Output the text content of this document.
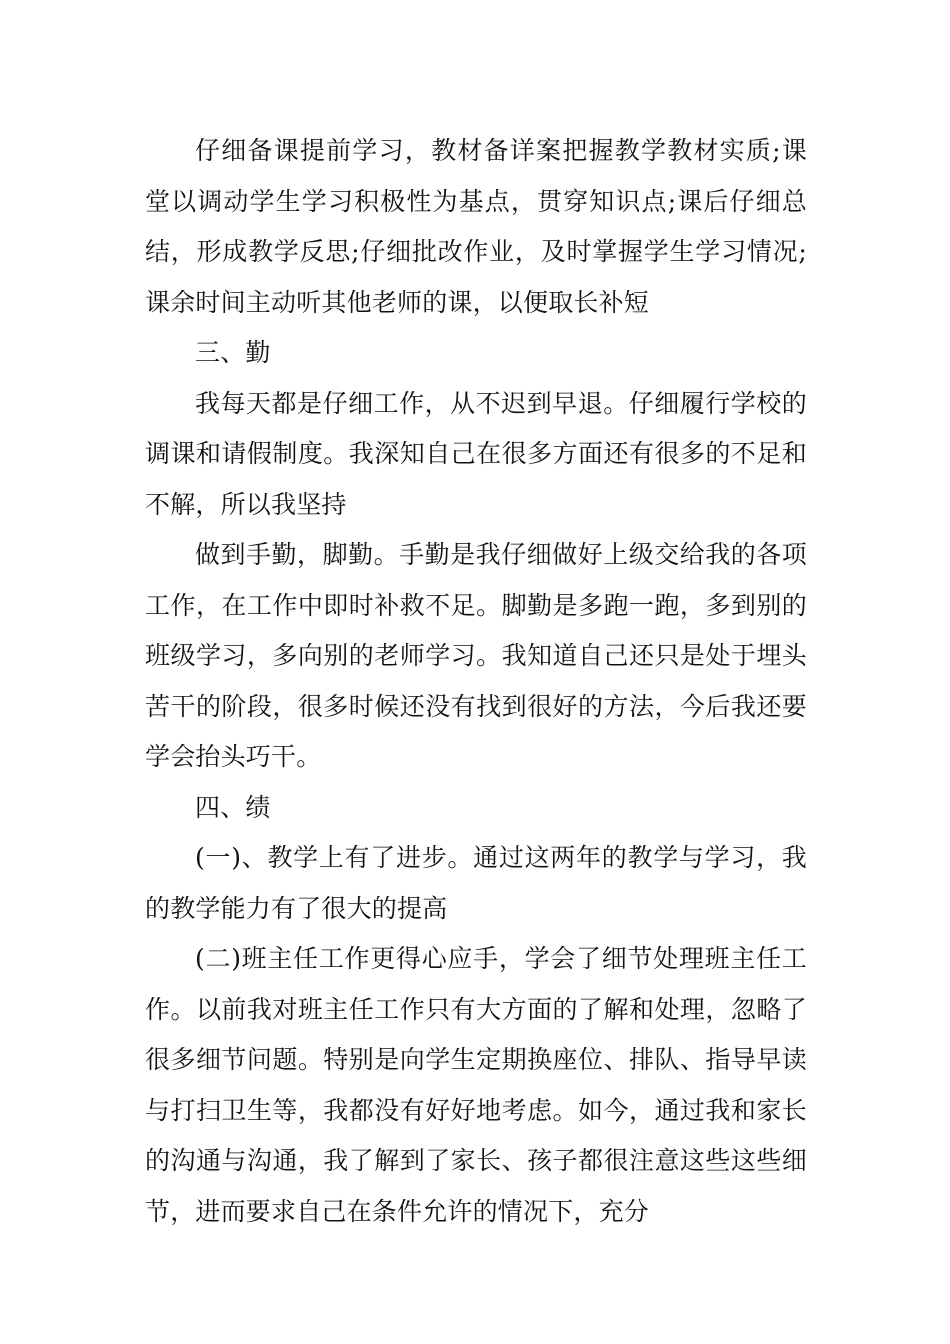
仔细备课提前学习，教材备详案把握教学教材实质;课堂以调动学生学习积极性为基点，贯穿知识点;课后仔细总结，形成教学反思;仔细批改作业，及时掌握学生学习情况;课余时间主动听其他老师的课，以便取长补短

三、勤

我每天都是仔细工作，从不迟到早退。仔细履行学校的调课和请假制度。我深知自己在很多方面还有很多的不足和不解，所以我坚持

做到手勤，脚勤。手勤是我仔细做好上级交给我的各项工作，在工作中即时补救不足。脚勤是多跑一跑，多到别的班级学习，多向别的老师学习。我知道自己还只是处于埋头苦干的阶段，很多时候还没有找到很好的方法，今后我还要学会抬头巧干。

四、绩

(一)、教学上有了进步。通过这两年的教学与学习，我的教学能力有了很大的提高

(二)班主任工作更得心应手，学会了细节处理班主任工作。以前我对班主任工作只有大方面的了解和处理，忽略了很多细节问题。特别是向学生定期换座位、排队、指导早读与打扫卫生等，我都没有好好地考虑。如今，通过我和家长的沟通与沟通，我了解到了家长、孩子都很注意这些这些细节，进而要求自己在条件允许的情况下，充分
